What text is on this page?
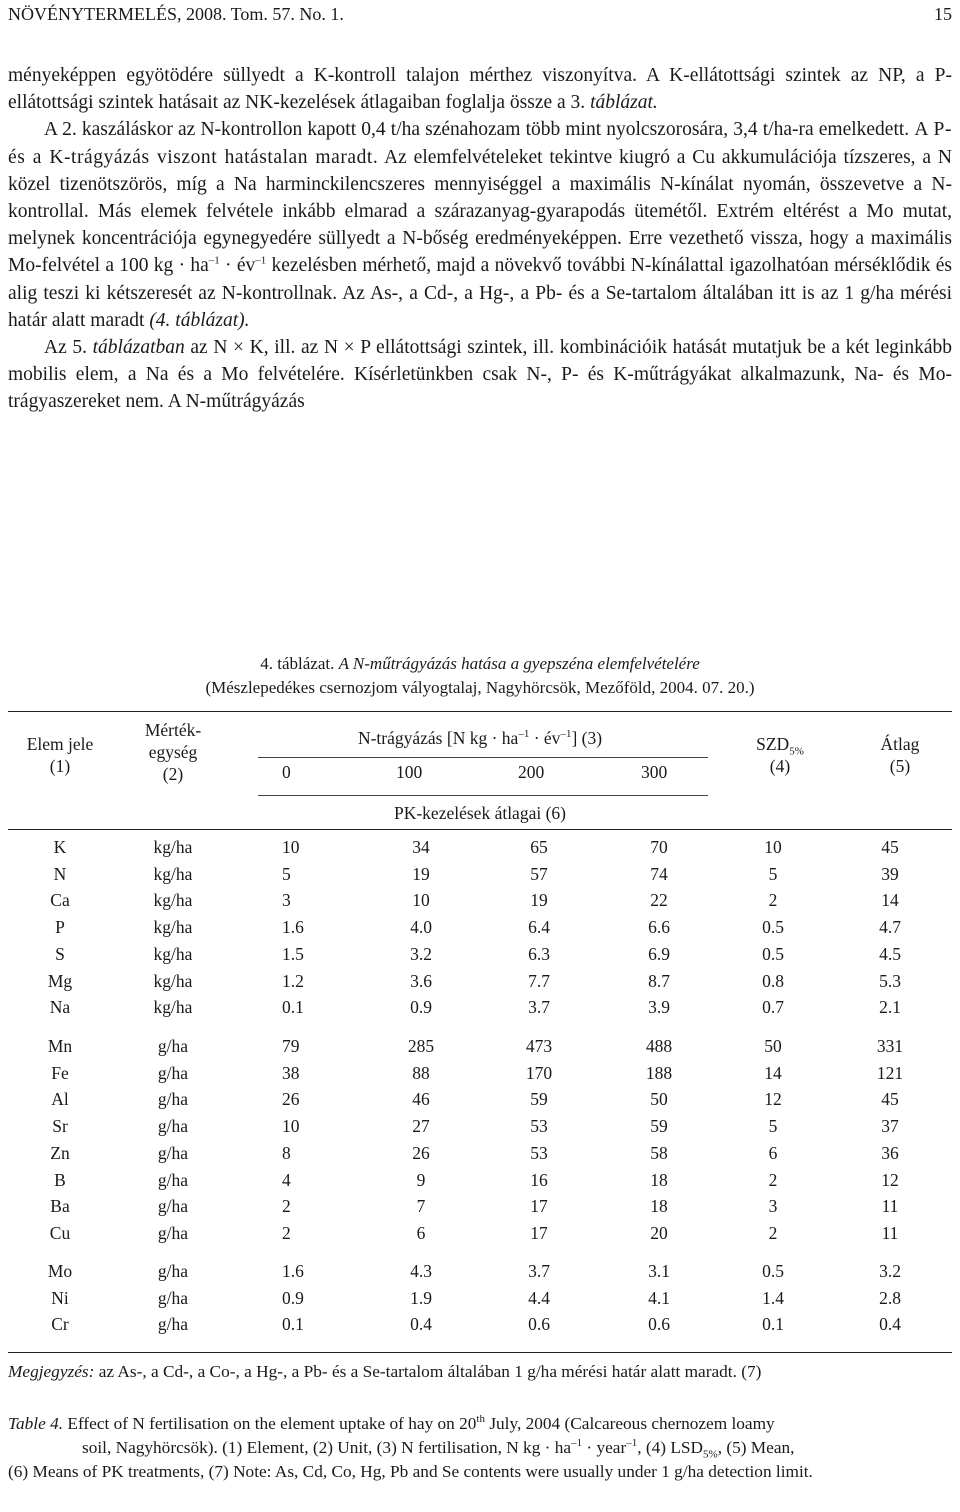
NÖVÉNYTERMELÉS, 2008. Tom. 57. No. 1.	15

ményeképpen egyötödére süllyedt a K-kontroll talajon mérthez viszonyítva. A K-ellátottsági szintek az NP, a P-ellátottsági szintek hatásait az NK-kezelések átlagaiban foglalja össze a 3. táblázat.

A 2. kaszáláskor az N-kontrollon kapott 0,4 t/ha szénahozam több mint nyolcszorosára, 3,4 t/ha-ra emelkedett. A P- és a K-trágyázás viszont hatástalan maradt. Az elemfelvételeket tekintve kiugró a Cu akkumulációja tízszeres, a N közel tizenötszörös, míg a Na harminckilencszeres mennyiséggel a maximális N-kínálat nyomán, összevetve a N-kontrollal. Más elemek felvétele inkább elmarad a szárazanyag-gyarapodás ütemétől. Extrém eltérést a Mo mutat, melynek koncentrációja egynegyedére süllyedt a N-bőség eredményeképpen. Erre vezethető vissza, hogy a maximális Mo-felvétel a 100 kg · $ha^{-1}$ · $év^{-1}$ kezelésben mérhető, majd a növekvő további N-kínálattal igazolhatóan mérséklődik és alig teszi ki kétszeresét az N-kontrollnak. Az As-, a Cd-, a Hg-, a Pb- és a Se-tartalom általában itt is az 1 g/ha mérési határ alatt maradt (4. táblázat).

Az 5. táblázatban az N × K, ill. az N × P ellátottsági szintek, ill. kombinációik hatását mutatjuk be a két leginkább mobilis elem, a Na és a Mo felvételére. Kísérletünkben csak N-, P- és K-műtrágyákat alkalmazunk, Na- és Mo-trágyaszereket nem. A N-műtrágyázás

4. táblázat. A N-műtrágyázás hatása a gyepszéna elemfelvételére
(Mészlepedékes csernozjom vályogtalaj, Nagyhörcsök, Mezőföld, 2004. 07. 20.)
Elem jele
(1)
Mérték-
egység
(2)
N-trágyázás [N kg · $ha^{-1}$ · $év^{-1}$] (3)	$SZD_{5\%}$
(4)
Átlag
(5)
0	100	200	300
PK-kezelések átlagai (6)
K	kg/ha	10	34	65	70	10	45
N	kg/ha	5	19	57	74	5	39
Ca	kg/ha	3	10	19	22	2	14
P	kg/ha	1.6	4.0	6.4	6.6	0.5	4.7
S	kg/ha	1.5	3.2	6.3	6.9	0.5	4.5
Mg	kg/ha	1.2	3.6	7.7	8.7	0.8	5.3
Na	kg/ha	0.1	0.9	3.7	3.9	0.7	2.1
Mn	g/ha	79	285	473	488	50	331
Fe	g/ha	38	88	170	188	14	121
Al	g/ha	26	46	59	50	12	45
Sr	g/ha	10	27	53	59	5	37
Zn	g/ha	8	26	53	58	6	36
B	g/ha	4	9	16	18	2	12
Ba	g/ha	2	7	17	18	3	11
Cu	g/ha	2	6	17	20	2	11
Mo	g/ha	1.6	4.3	3.7	3.1	0.5	3.2
Ni	g/ha	0.9	1.9	4.4	4.1	1.4	2.8
Cr	g/ha	0.1	0.4	0.6	0.6	0.1	0.4
Megjegyzés: az As-, a Cd-, a Co-, a Hg-, a Pb- és a Se-tartalom általában 1 g/ha mérési határ alatt maradt. (7)
Table 4. Effect of N fertilisation on the element uptake of hay on 20th July, 2004 (Calcareous chernozem loamy
soil, Nagyhörcsök). (1) Element, (2) Unit, (3) N fertilisation, N kg · $ha^{-1}$ · year$^{-1}$, (4) $LSD_{5\%}$, (5) Mean,
(6) Means of PK treatments, (7) Note: As, Cd, Co, Hg, Pb and Se contents were usually under 1 g/ha detection limit.
